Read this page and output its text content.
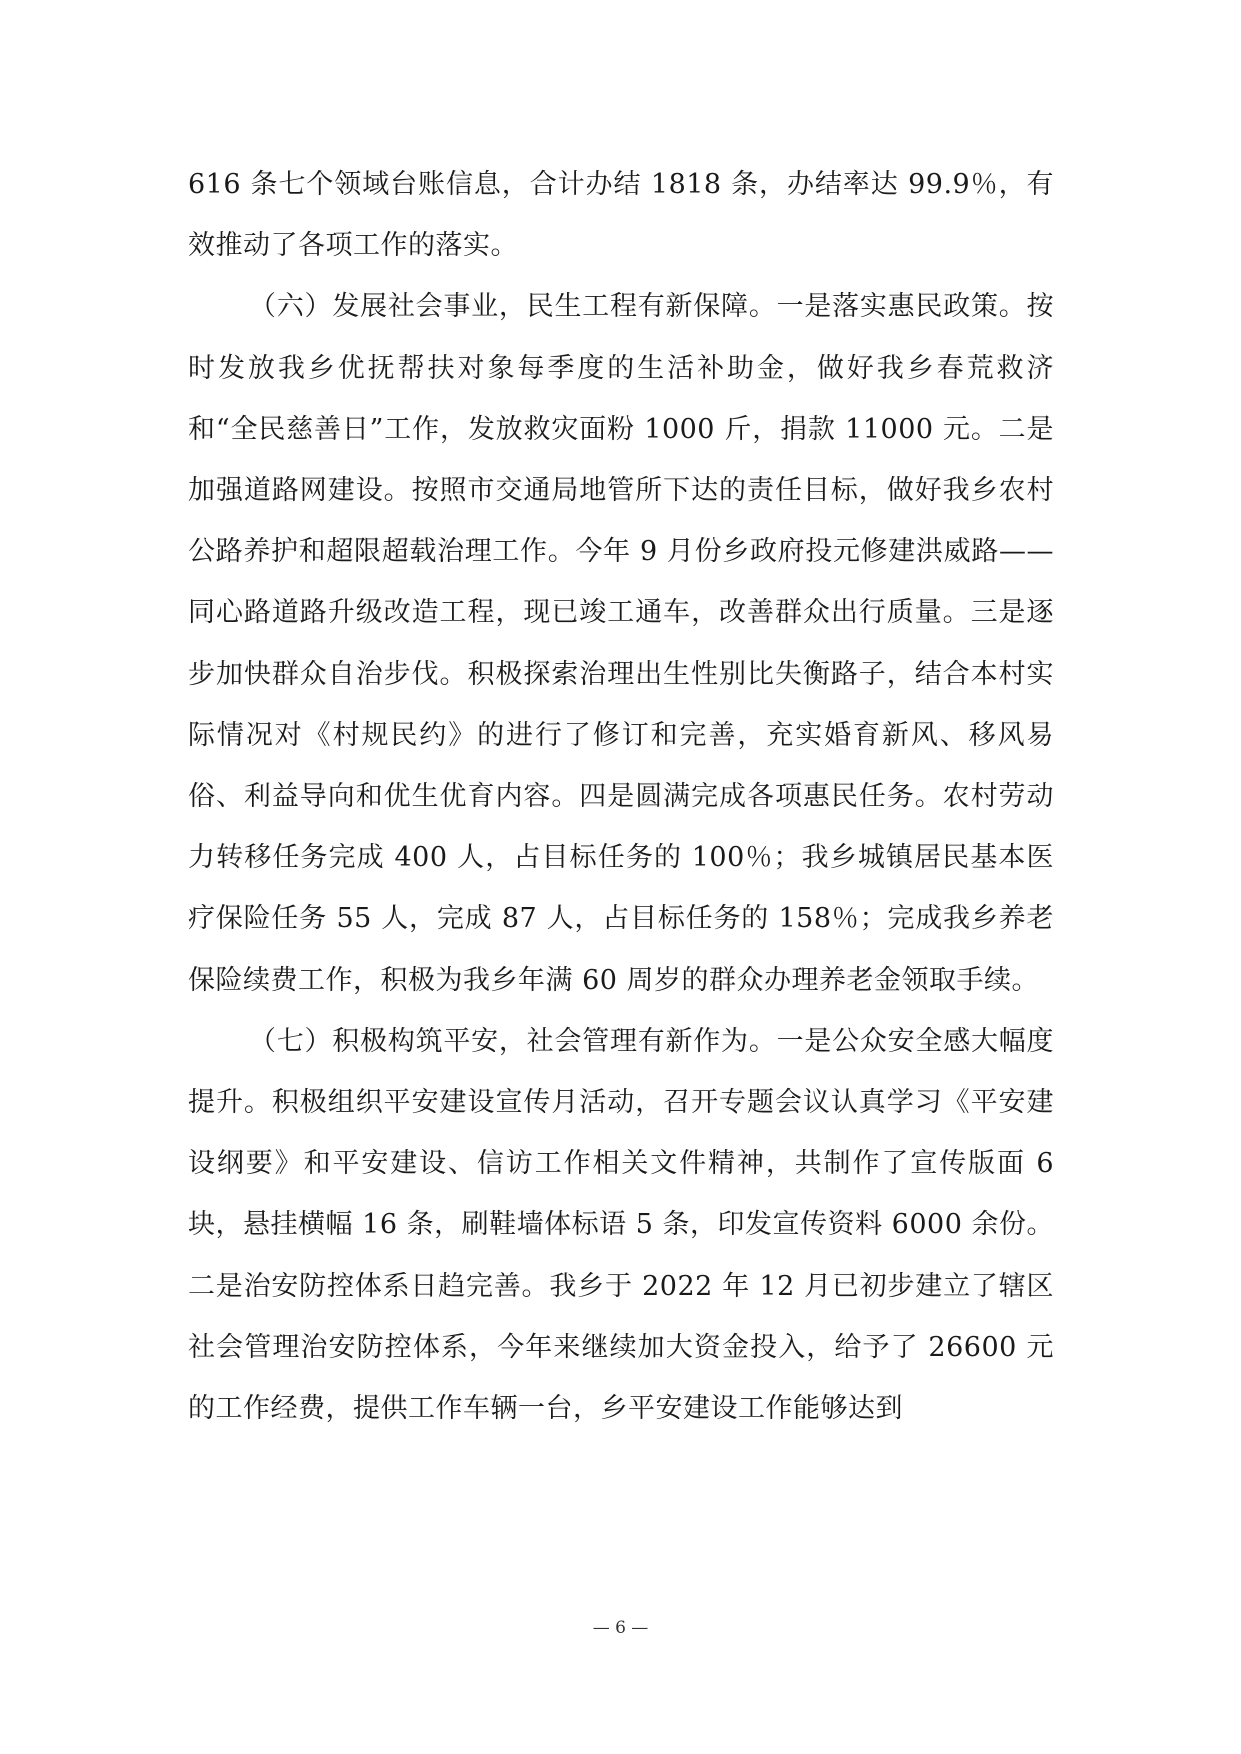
616 条七个领域台账信息，合计办结 1818 条，办结率达 99.9％，有效推动了各项工作的落实。

（六）发展社会事业，民生工程有新保障。一是落实惠民政策。按时发放我乡优抚帮扶对象每季度的生活补助金，做好我乡春荒救济和“全民慈善日”工作，发放救灾面粉 1000 斤，捐款 11000 元。二是加强道路网建设。按照市交通局地管所下达的责任目标，做好我乡农村公路养护和超限超载治理工作。今年 9 月份乡政府投元修建洪威路——同心路道路升级改造工程，现已竣工通车，改善群众出行质量。三是逐步加快群众自治步伐。积极探索治理出生性别比失衡路子，结合本村实际情况对《村规民约》的进行了修订和完善，充实婚育新风、移风易俗、利益导向和优生优育内容。四是圆满完成各项惠民任务。农村劳动力转移任务完成 400 人，占目标任务的 100％；我乡城镇居民基本医疗保险任务 55 人，完成 87 人，占目标任务的 158％；完成我乡养老保险续费工作，积极为我乡年满 60 周岁的群众办理养老金领取手续。

（七）积极构筑平安，社会管理有新作为。一是公众安全感大幅度提升。积极组织平安建设宣传月活动，召开专题会议认真学习《平安建设纲要》和平安建设、信访工作相关文件精神，共制作了宣传版面 6 块，悬挂横幅 16 条，刷鞋墙体标语 5 条，印发宣传资料 6000 余份。二是治安防控体系日趋完善。我乡于 2022 年 12 月已初步建立了辖区社会管理治安防控体系，今年来继续加大资金投入，给予了 26600 元的工作经费，提供工作车辆一台，乡平安建设工作能够达到

— 6 —
